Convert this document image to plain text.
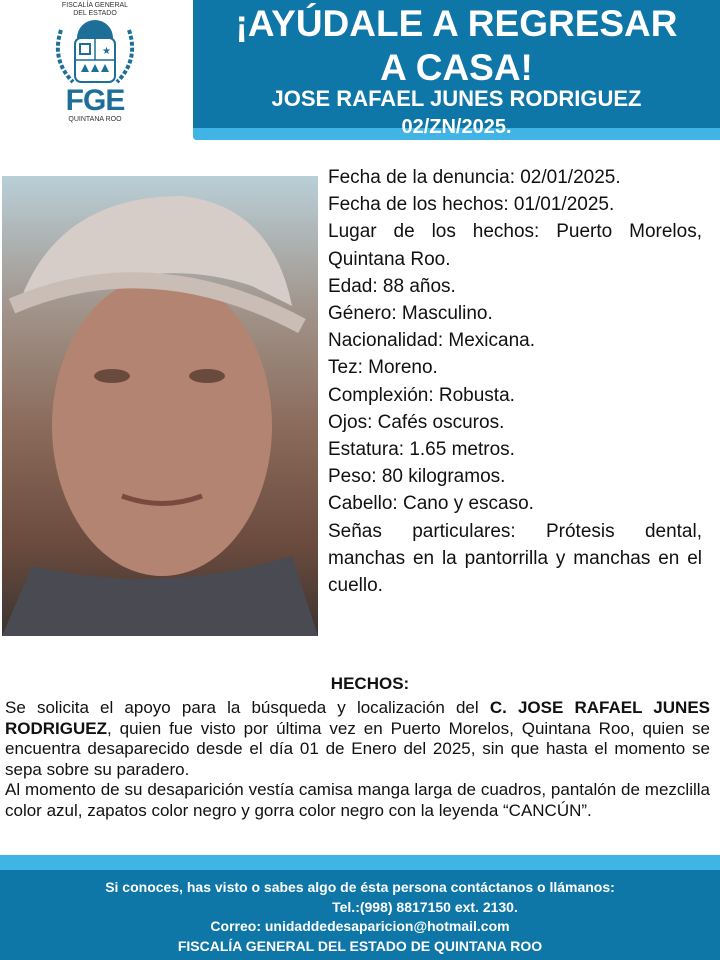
FISCALÍA GENERAL
DEL ESTADO
★
FGE
QUINTANA ROO
¡AYÚDALE A REGRESAR
A CASA!
JOSE RAFAEL JUNES RODRIGUEZ
02/ZN/2025.
Fecha de la denuncia: 02/01/2025.
Fecha de los hechos: 01/01/2025.
Lugar de los hechos: Puerto Morelos, Quintana Roo.
Edad: 88 años.
Género: Masculino.
Nacionalidad: Mexicana.
Tez: Moreno.
Complexión: Robusta.
Ojos: Cafés oscuros.
Estatura: 1.65 metros.
Peso: 80 kilogramos.
Cabello: Cano y escaso.
Señas particulares: Prótesis dental, manchas en la pantorrilla y manchas en el cuello.
HECHOS:

Se solicita el apoyo para la búsqueda y localización del C. JOSE RAFAEL JUNES RODRIGUEZ, quien fue visto por última vez en Puerto Morelos, Quintana Roo, quien se encuentra desaparecido desde el día 01 de Enero del 2025, sin que hasta el momento se sepa sobre su paradero.

Al momento de su desaparición vestía camisa manga larga de cuadros, pantalón de mezclilla color azul, zapatos color negro y gorra color negro con la leyenda “CANCÚN”.

Si conoces, has visto o sabes algo de ésta persona contáctanos o llámanos:
Tel.:(998) 8817150 ext. 2130.
Correo: unidaddedesaparicion@hotmail.com
FISCALÍA GENERAL DEL ESTADO DE QUINTANA ROO
